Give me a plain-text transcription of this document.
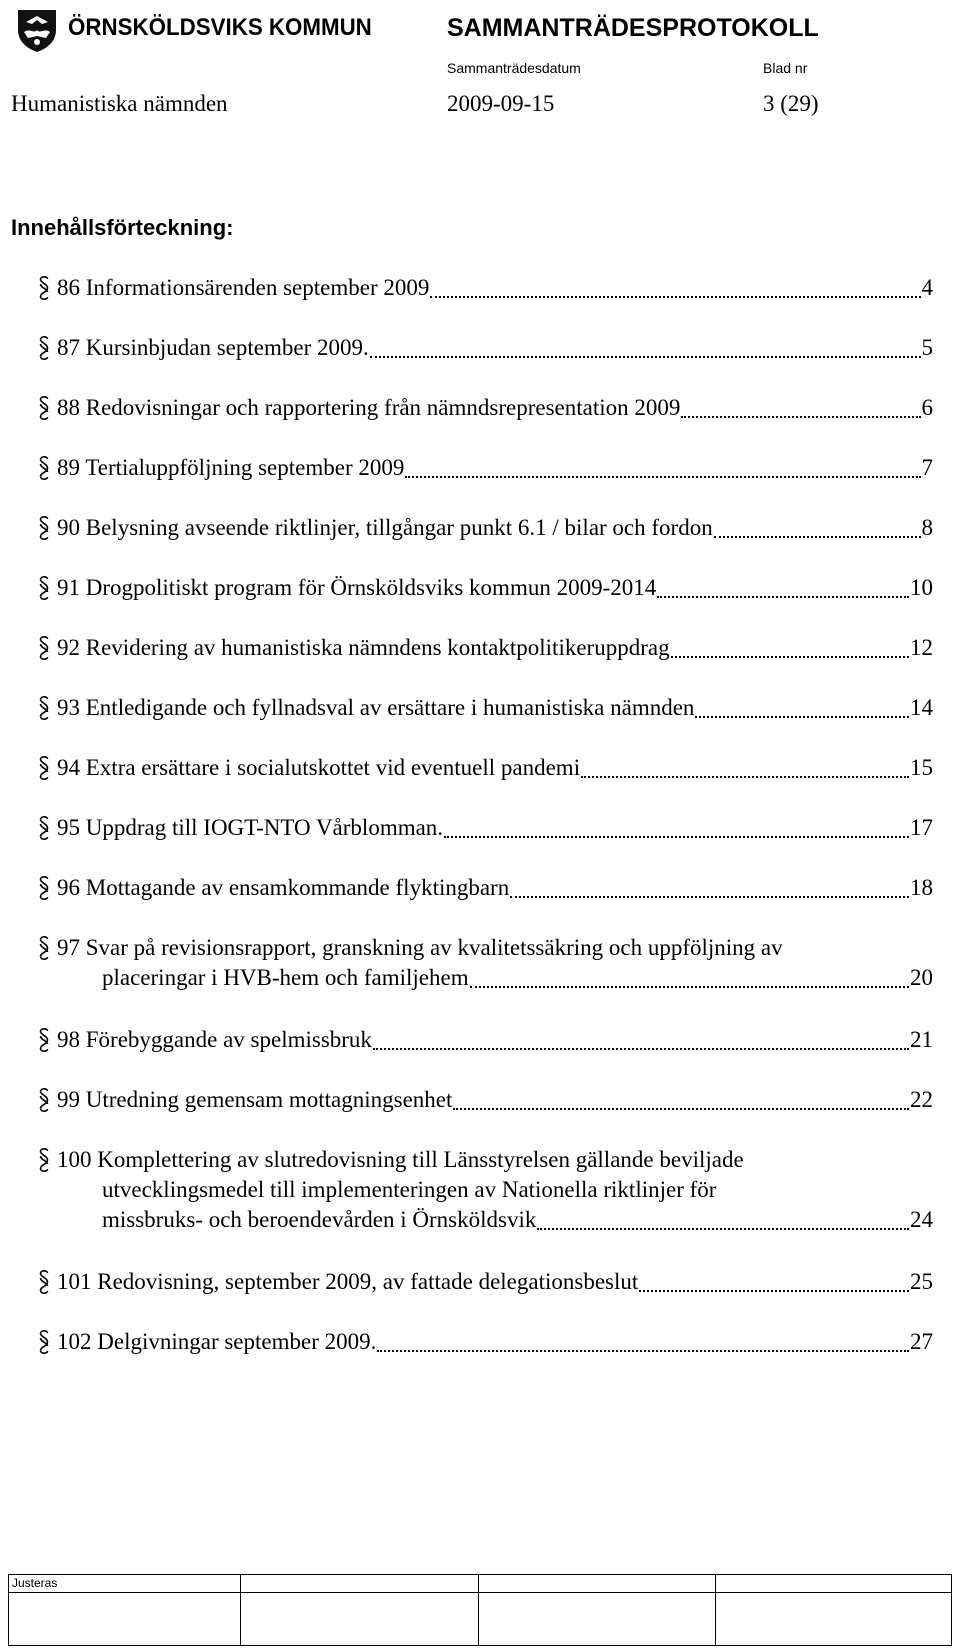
ÖRNSKÖLDSVIKS KOMMUN	SAMMANTRÄDESPROTOKOLL
Sammanträdesdatum	Blad nr
Humanistiska nämnden	2009-09-15	3 (29)
Innehållsförteckning:
86 Informationsärenden september 2009	4
87 Kursinbjudan september 2009.	5
88 Redovisningar och rapportering från nämndsrepresentation 2009	6
89 Tertialuppföljning september 2009	7
90 Belysning avseende riktlinjer, tillgångar punkt 6.1 / bilar och fordon	8
91 Drogpolitiskt program för Örnsköldsviks kommun 2009-2014	10
92 Revidering av humanistiska nämndens kontaktpolitikeruppdrag	12
93 Entledigande och fyllnadsval av ersättare i humanistiska nämnden	14
94 Extra ersättare i socialutskottet vid eventuell pandemi	15
95 Uppdrag till IOGT-NTO Vårblomman.	17
96 Mottagande av ensamkommande flyktingbarn	18
97 Svar på revisionsrapport, granskning av kvalitetssäkring och uppföljning av
placeringar i HVB-hem och familjehem	20
98 Förebyggande av spelmissbruk	21
99 Utredning gemensam mottagningsenhet	22
100 Komplettering av slutredovisning till Länsstyrelsen gällande beviljade
utvecklingsmedel till implementeringen av Nationella riktlinjer för
missbruks- och beroendevården i Örnsköldsvik	24
101 Redovisning, september 2009, av fattade delegationsbeslut	25
102 Delgivningar september 2009.	27
Justeras
